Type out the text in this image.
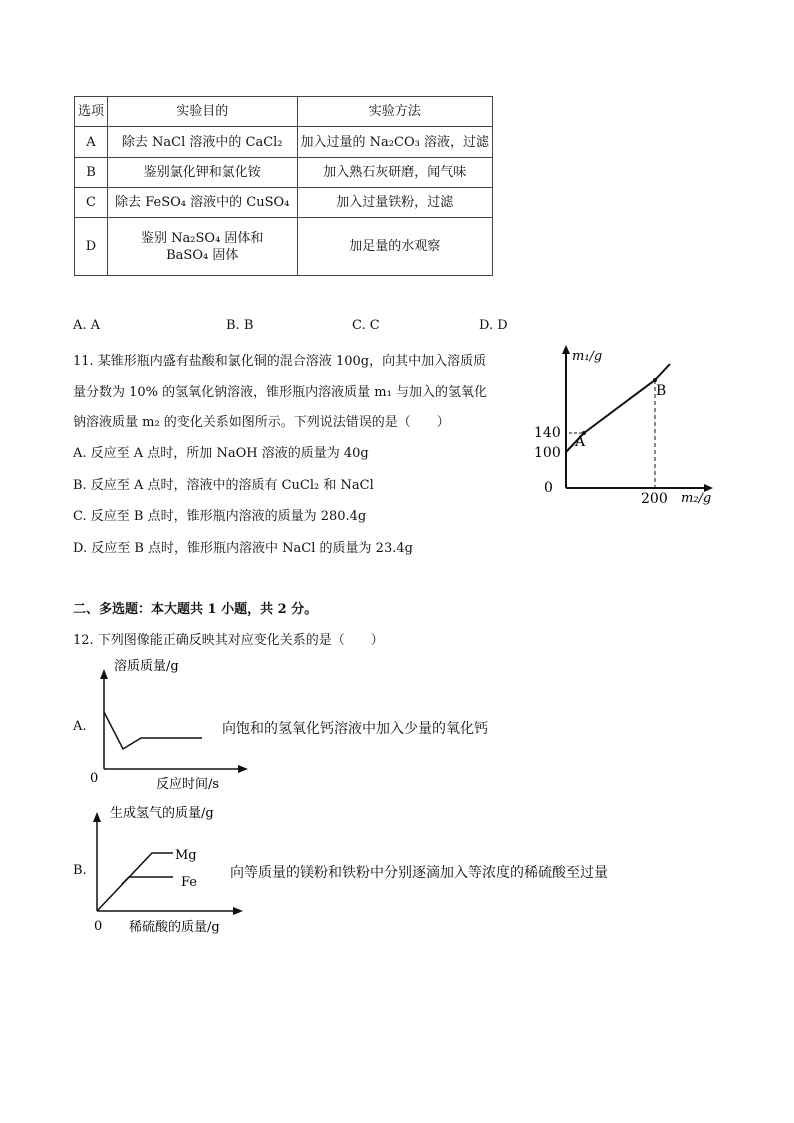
选项	实验目的	实验方法
A	除去 NaCl 溶液中的 CaCl₂	加入过量的 Na₂CO₃ 溶液，过滤
B	鉴别氯化钾和氯化铵	加入熟石灰研磨，闻气味
C	除去 FeSO₄ 溶液中的 CuSO₄	加入过量铁粉，过滤
D	鉴别 Na₂SO₄ 固体和 BaSO₄ 固体	加足量的水观察
A. A	B. B	C. C	D. D
11. 某锥形瓶内盛有盐酸和氯化铜的混合溶液 100g，向其中加入溶质质
量分数为 10% 的氢氧化钠溶液，锥形瓶内溶液质量 m₁ 与加入的氢氧化
钠溶液质量 m₂ 的变化关系如图所示。下列说法错误的是（　　）
A. 反应至 A 点时，所加 NaOH 溶液的质量为 40g
B. 反应至 A 点时，溶液中的溶质有 CuCl₂ 和 NaCl
C. 反应至 B 点时，锥形瓶内溶液的质量为 280.4g
D. 反应至 B 点时，锥形瓶内溶液中 NaCl 的质量为 23.4g
m₁/g
m₂/g
140
100
0
200
A
B
二、多选题：本大题共 1 小题，共 2 分。
12. 下列图像能正确反映其对应变化关系的是（　　）
A.
溶质质量/g
反应时间/s
0
向饱和的氢氧化钙溶液中加入少量的氧化钙
B.
生成氢气的质量/g
稀硫酸的质量/g
0
Mg
Fe
向等质量的镁粉和铁粉中分别逐滴加入等浓度的稀硫酸至过量
